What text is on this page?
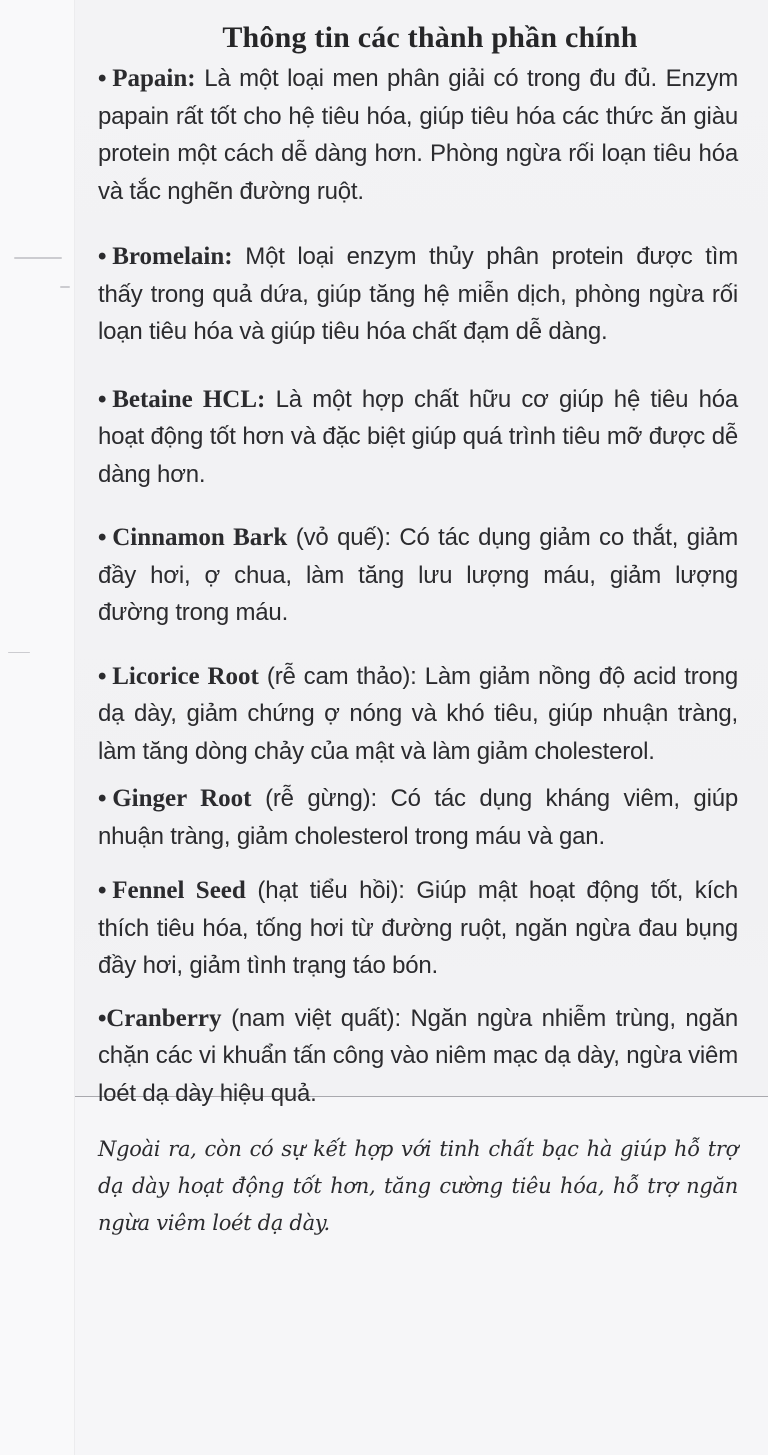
Thông tin các thành phần chính

• Papain: Là một loại men phân giải có trong đu đủ. Enzym papain rất tốt cho hệ tiêu hóa, giúp tiêu hóa các thức ăn giàu protein một cách dễ dàng hơn. Phòng ngừa rối loạn tiêu hóa và tắc nghẽn đường ruột.

• Bromelain: Một loại enzym thủy phân protein được tìm thấy trong quả dứa, giúp tăng hệ miễn dịch, phòng ngừa rối loạn tiêu hóa và giúp tiêu hóa chất đạm dễ dàng.

• Betaine HCL: Là một hợp chất hữu cơ giúp hệ tiêu hóa hoạt động tốt hơn và đặc biệt giúp quá trình tiêu mỡ được dễ dàng hơn.

• Cinnamon Bark (vỏ quế): Có tác dụng giảm co thắt, giảm đầy hơi, ợ chua, làm tăng lưu lượng máu, giảm lượng đường trong máu.

• Licorice Root (rễ cam thảo): Làm giảm nồng độ acid trong dạ dày, giảm chứng ợ nóng và khó tiêu, giúp nhuận tràng, làm tăng dòng chảy của mật và làm giảm cholesterol.

• Ginger Root (rễ gừng): Có tác dụng kháng viêm, giúp nhuận tràng, giảm cholesterol trong máu và gan.

• Fennel Seed (hạt tiểu hồi): Giúp mật hoạt động tốt, kích thích tiêu hóa, tống hơi từ đường ruột, ngăn ngừa đau bụng đầy hơi, giảm tình trạng táo bón.

•Cranberry (nam việt quất): Ngăn ngừa nhiễm trùng, ngăn chặn các vi khuẩn tấn công vào niêm mạc dạ dày, ngừa viêm loét dạ dày hiệu quả.

Ngoài ra, còn có sự kết hợp với tinh chất bạc hà giúp hỗ trợ dạ dày hoạt động tốt hơn, tăng cường tiêu hóa, hỗ trợ ngăn ngừa viêm loét dạ dày.
